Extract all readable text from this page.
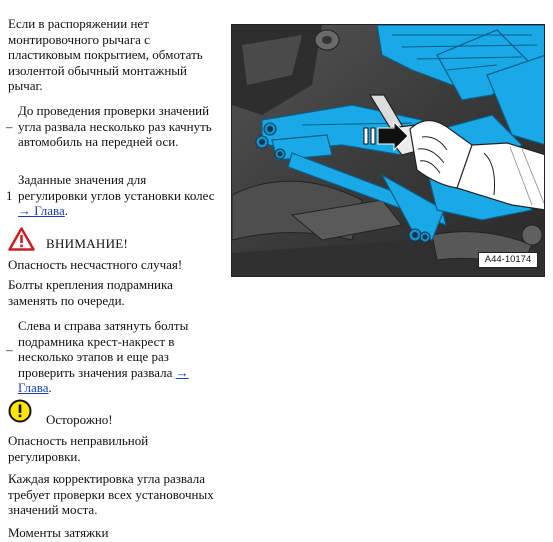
Если в распоряжении нет монтировочного рычага с пластиковым покрытием, обмотать изолентой обычный монтажный рычаг.
–
До проведения проверки значений угла развала несколько раз качнуть автомобиль на передней оси.
1
Заданные значения для регулировки углов установки колес → Глава.
ВНИМАНИЕ!
Опасность несчастного случая!
Болты крепления подрамника заменять по очереди.
–
Слева и справа затянуть болты подрамника крест-накрест в несколько этапов и еще раз проверить значения развала → Глава.
Осторожно!
Опасность неправильной регулировки.
Каждая корректировка угла развала требует проверки всех установочных значений моста.
Моменты затяжки
A44-10174
